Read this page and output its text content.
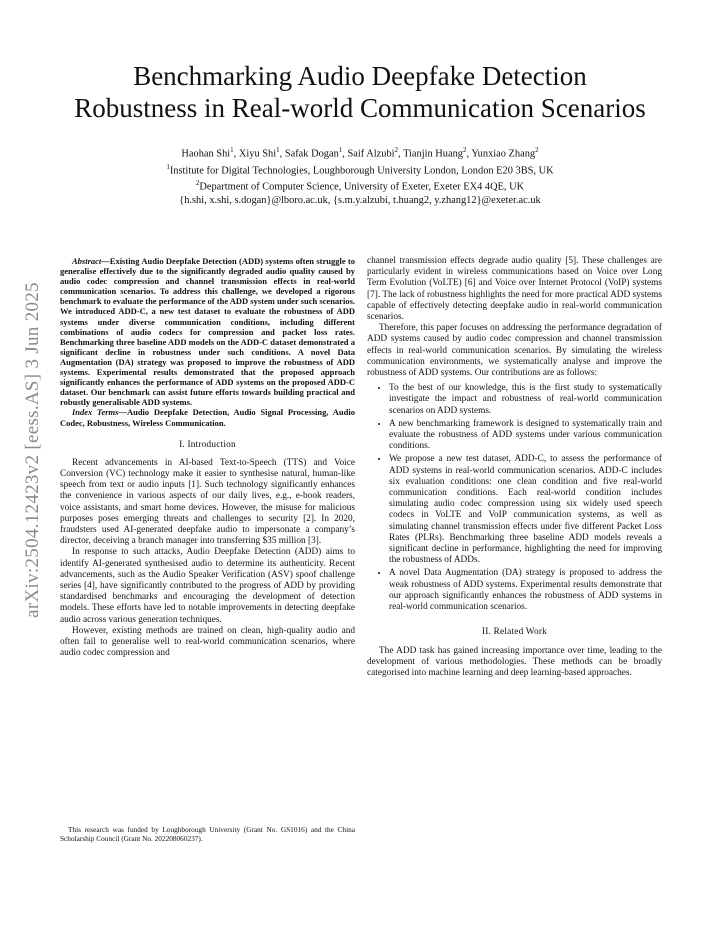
arXiv:2504.12423v2 [eess.AS] 3 Jun 2025
Benchmarking Audio Deepfake Detection
Robustness in Real-world Communication Scenarios
Haohan Shi$^1$, Xiyu Shi$^1$, Safak Dogan$^1$, Saif Alzubi$^2$, Tianjin Huang$^2$, Yunxiao Zhang$^2$
$^1$Institute for Digital Technologies, Loughborough University London, London E20 3BS, UK
$^2$Department of Computer Science, University of Exeter, Exeter EX4 4QE, UK
{h.shi, x.shi, s.dogan}@lboro.ac.uk, {s.m.y.alzubi, t.huang2, y.zhang12}@exeter.ac.uk

Abstract—Existing Audio Deepfake Detection (ADD) systems often struggle to generalise effectively due to the significantly degraded audio quality caused by audio codec compression and channel transmission effects in real-world communication scenarios. To address this challenge, we developed a rigorous benchmark to evaluate the performance of the ADD system under such scenarios. We introduced ADD-C, a new test dataset to evaluate the robustness of ADD systems under diverse communication conditions, including different combinations of audio codecs for compression and packet loss rates. Benchmarking three baseline ADD models on the ADD-C dataset demonstrated a significant decline in robustness under such conditions. A novel Data Augmentation (DA) strategy was proposed to improve the robustness of ADD systems. Experimental results demonstrated that the proposed approach significantly enhances the performance of ADD systems on the proposed ADD-C dataset. Our benchmark can assist future efforts towards building practical and robustly generalisable ADD systems.

Index Terms—Audio Deepfake Detection, Audio Signal Processing, Audio Codec, Robustness, Wireless Communication.

I. Introduction

Recent advancements in AI-based Text-to-Speech (TTS) and Voice Conversion (VC) technology make it easier to synthesise natural, human-like speech from text or audio inputs [1]. Such technology significantly enhances the convenience in various aspects of our daily lives, e.g., e-book readers, voice assistants, and smart home devices. However, the misuse for malicious purposes poses emerging threats and challenges to security [2]. In 2020, fraudsters used AI-generated deepfake audio to impersonate a company’s director, deceiving a branch manager into transferring $35 million [3].

In response to such attacks, Audio Deepfake Detection (ADD) aims to identify AI-generated synthesised audio to determine its authenticity. Recent advancements, such as the Audio Speaker Verification (ASV) spoof challenge series [4], have significantly contributed to the progress of ADD by providing standardised benchmarks and encouraging the development of detection models. These efforts have led to notable improvements in detecting deepfake audio across various generation techniques.

However, existing methods are trained on clean, high-quality audio and often fail to generalise well to real-world communication scenarios, where audio codec compression and

This research was funded by Loughborough University (Grant No. GS1016) and the China Scholarship Council (Grant No. 202208060237).

channel transmission effects degrade audio quality [5]. These challenges are particularly evident in wireless communications based on Voice over Long Term Evolution (VoLTE) [6] and Voice over Internet Protocol (VoIP) systems [7]. The lack of robustness highlights the need for more practical ADD systems capable of effectively detecting deepfake audio in real-world communication scenarios.

Therefore, this paper focuses on addressing the performance degradation of ADD systems caused by audio codec compression and channel transmission effects in real-world communication scenarios. By simulating the wireless communication environments, we systematically analyse and improve the robustness of ADD systems. Our contributions are as follows:

• To the best of our knowledge, this is the first study to systematically investigate the impact and robustness of real-world communication scenarios on ADD systems.
• A new benchmarking framework is designed to systematically train and evaluate the robustness of ADD systems under various communication conditions.
• We propose a new test dataset, ADD-C, to assess the performance of ADD systems in real-world communication scenarios. ADD-C includes six evaluation conditions: one clean condition and five real-world communication conditions. Each real-world condition includes simulating audio codec compression using six widely used speech codecs in VoLTE and VoIP communication systems, as well as simulating channel transmission effects under five different Packet Loss Rates (PLRs). Benchmarking three baseline ADD models reveals a significant decline in performance, highlighting the need for improving the robustness of ADDs.
• A novel Data Augmentation (DA) strategy is proposed to address the weak robustness of ADD systems. Experimental results demonstrate that our approach significantly enhances the robustness of ADD systems in real-world communication scenarios.
II. Related Work

The ADD task has gained increasing importance over time, leading to the development of various methodologies. These methods can be broadly categorised into machine learning and deep learning-based approaches.
